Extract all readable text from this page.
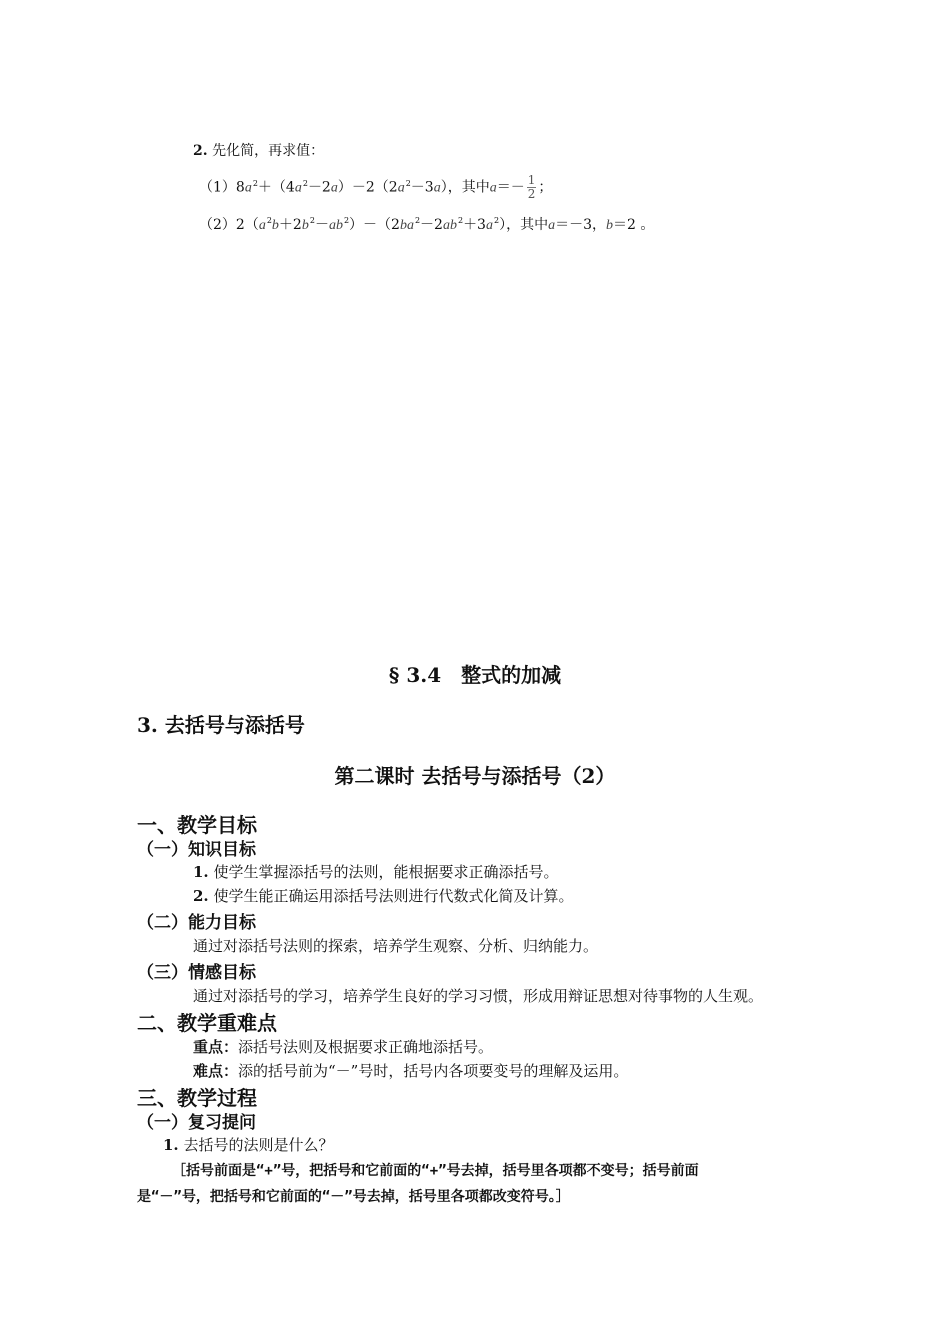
2. 先化简，再求值：
$(1)8a^2+(4a^2-2a)-2(2a^2-3a)$，其中$a=- \frac{1}{2}$ ；
$(2)2(a^2b+2b^2-ab^2)-(2ba^2-2ab^2+3a^2)$，其中a＝－3，b＝2 。
§ 3.4　整式的加减
3. 去括号与添括号
第二课时 去括号与添括号（2）
一、教学目标
（一）知识目标
1. 使学生掌握添括号的法则，能根据要求正确添括号。
2. 使学生能正确运用添括号法则进行代数式化简及计算。
（二）能力目标
通过对添括号法则的探索，培养学生观察、分析、归纳能力。
（三）情感目标
通过对添括号的学习，培养学生良好的学习习惯，形成用辩证思想对待事物的人生观。
二、教学重难点
重点：添括号法则及根据要求正确地添括号。
难点：添的括号前为“－”号时，括号内各项要变号的理解及运用。
三、教学过程
（一）复习提问
1. 去括号的法则是什么？
［括号前面是“+”号，把括号和它前面的“+”号去掉，括号里各项都不变号；括号前面
是“－”号，把括号和它前面的“－”号去掉，括号里各项都改变符号。］
